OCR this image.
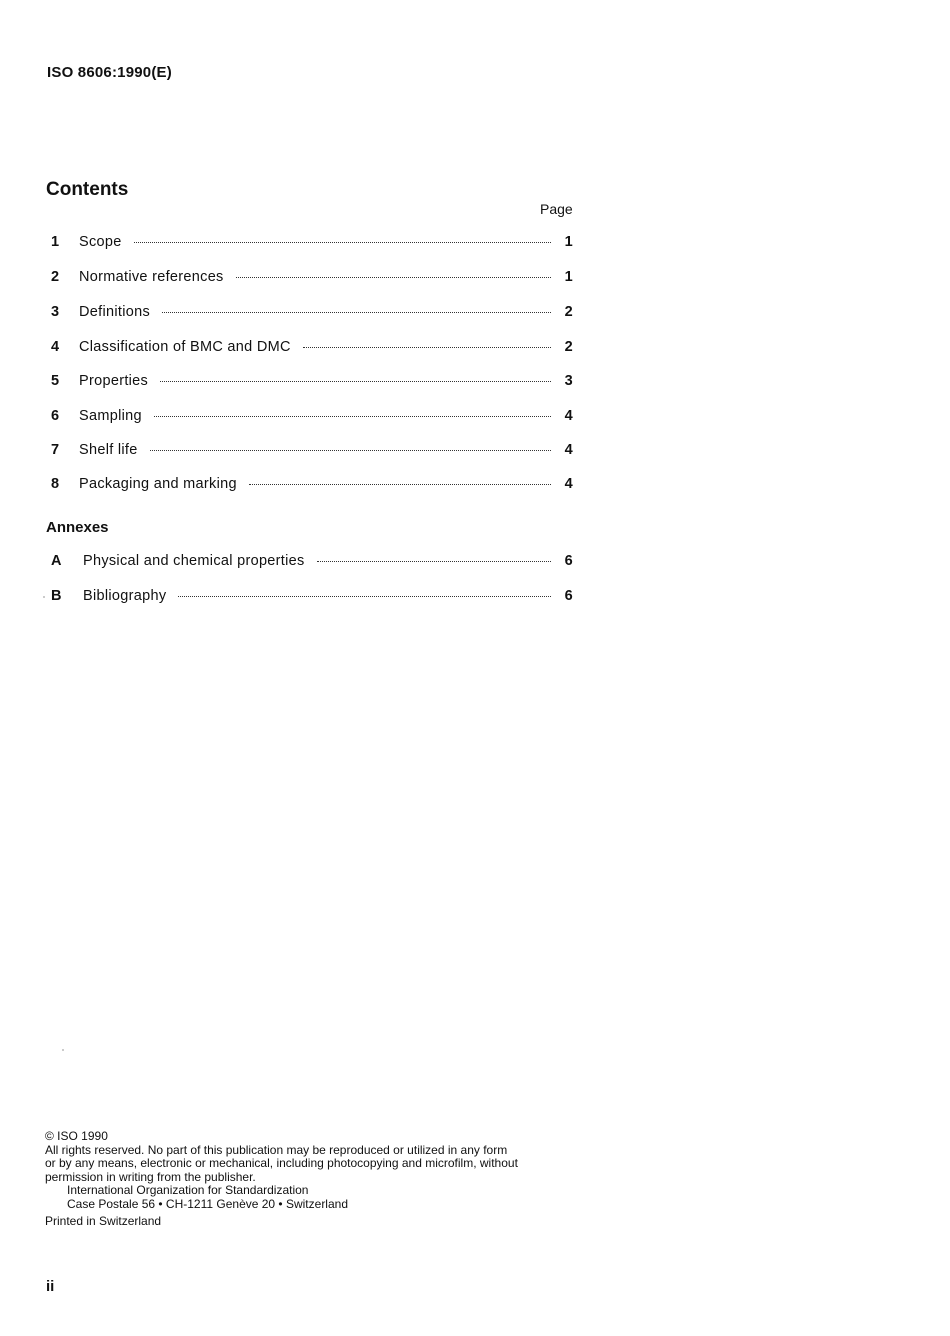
ISO 8606:1990(E)
Contents
Page
1	Scope	1
2	Normative references	1
3	Definitions	2
4	Classification of BMC and DMC	2
5	Properties	3
6	Sampling	4
7	Shelf life	4
8	Packaging and marking	4
A	Physical and chemical properties	6
B	Bibliography	6
Annexes
© ISO 1990
All rights reserved. No part of this publication may be reproduced or utilized in any form
or by any means, electronic or mechanical, including photocopying and microfilm, without
permission in writing from the publisher.
International Organization for Standardization
Case Postale 56 • CH-1211 Genève 20 • Switzerland
Printed in Switzerland
ii
